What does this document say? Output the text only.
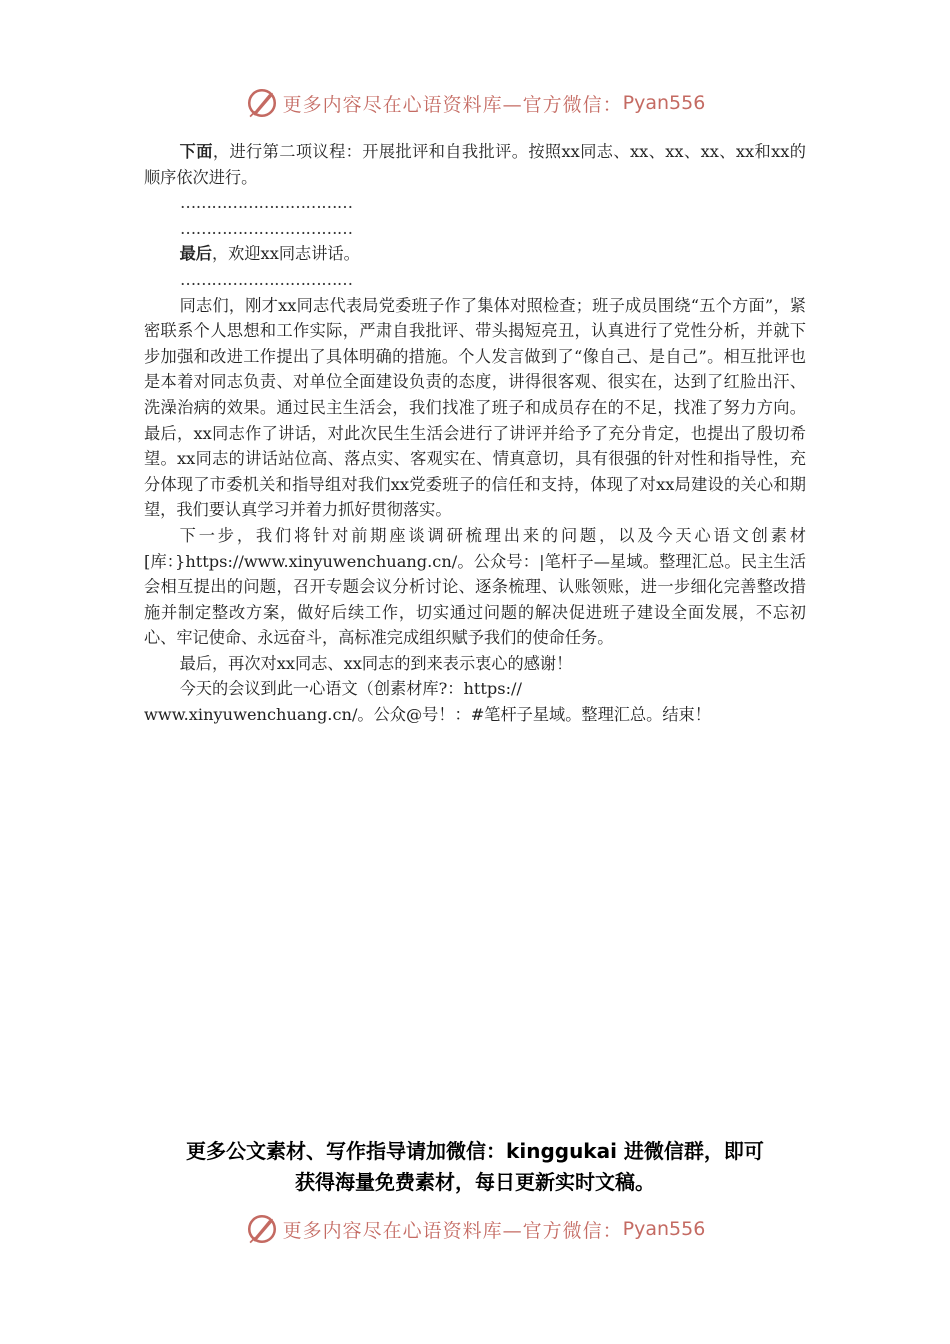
更多内容尽在心语资料库—官方微信： Pyan556

下面，进行第二项议程：开展批评和自我批评。按照xx同志、xx、xx、xx、xx和xx的顺序依次进行。

……………………………
……………………………

最后，欢迎xx同志讲话。

……………………………

同志们，刚才xx同志代表局党委班子作了集体对照检查；班子成员围绕“五个方面”，紧密联系个人思想和工作实际，严肃自我批评、带头揭短亮丑，认真进行了党性分析，并就下步加强和改进工作提出了具体明确的措施。个人发言做到了“像自己、是自己”。相互批评也是本着对同志负责、对单位全面建设负责的态度，讲得很客观、很实在，达到了红脸出汗、洗澡治病的效果。通过民主生活会，我们找准了班子和成员存在的不足，找准了努力方向。最后，xx同志作了讲话，对此次民生生活会进行了讲评并给予了充分肯定，也提出了殷切希望。xx同志的讲话站位高、落点实、客观实在、情真意切，具有很强的针对性和指导性，充分体现了市委机关和指导组对我们xx党委班子的信任和支持，体现了对xx局建设的关心和期望，我们要认真学习并着力抓好贯彻落实。

下一步，我们将针对前期座谈调研梳理出来的问题，以及今天心语文创素材[库：}https://www.xinyuwenchuang.cn/。公众号：|笔杆子—星域。整理汇总。民主生活会相互提出的问题，召开专题会议分析讨论、逐条梳理、认账领账，进一步细化完善整改措施并制定整改方案，做好后续工作，切实通过问题的解决促进班子建设全面发展，不忘初心、牢记使命、永远奋斗，高标准完成组织赋予我们的使命任务。

最后，再次对xx同志、xx同志的到来表示衷心的感谢！

今天的会议到此一心语文（创素材库?：https://

www.xinyuwenchuang.cn/。公众@号！：#笔杆子星域。整理汇总。结束！

更多公文素材、写作指导请加微信：kinggukai 进微信群，即可
获得海量免费素材，每日更新实时文稿。
更多内容尽在心语资料库—官方微信： Pyan556
